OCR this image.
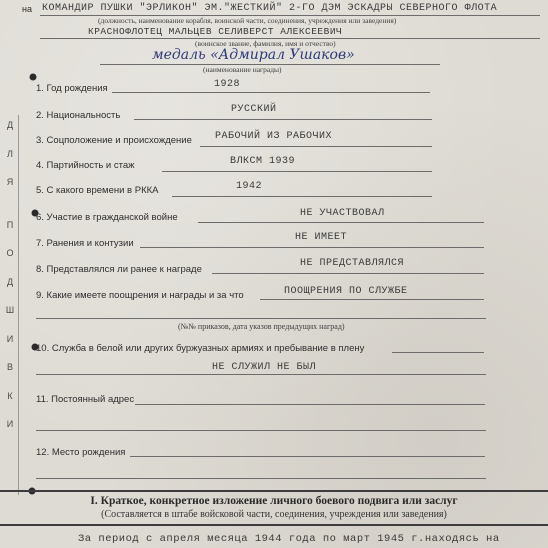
на КОМАНДИР ПУШКИ "ЭРЛИКОН" ЭМ."ЖЕСТКИЙ" 2-ГО ДЭМ ЭСКАДРЫ СЕВЕРНОГО ФЛОТА
(должность, наименование корабля, воинской части, соединения, учреждения или заведения)
КРАСНОФЛОТЕЦ МАЛЬЦЕВ СЕЛИВЕРСТ АЛЕКСЕЕВИЧ
(воинское звание, фамилия, имя и отчество)
медаль «Адмирал Ушаков»
(наименование награды)
Д
Л
Я
П
О
Д
Ш
И
В
К
И
1. Год рождения	1928
2. Национальность
РУССКИЙ
3. Соцположение и происхождение РАБОЧИЙ ИЗ РАБОЧИХ
4. Партийность и стаж	ВЛКСМ 1939
5. С какого времени в РККА	1942
6. Участие в гражданской войне	НЕ УЧАСТВОВАЛ
7. Ранения и контузии
НЕ ИМЕЕТ
8. Представлялся ли ранее к награде
НЕ ПРЕДСТАВЛЯЛСЯ
9. Какие имеете поощрения и награды и за что	ПООЩРЕНИЯ ПО СЛУЖБЕ
(№№ приказов, дата указов предыдущих наград)
10. Служба в белой или других буржуазных армиях и пребывание в плену
НЕ СЛУЖИЛ НЕ БЫЛ
11. Постоянный адрес
12. Место рождения
I. Краткое, конкретное изложение личного боевого подвига или заслуг
(Составляется в штабе войсковой части, соединения, учреждения или заведения)
За период с апреля месяца 1944 года по март 1945 г.находясь на
